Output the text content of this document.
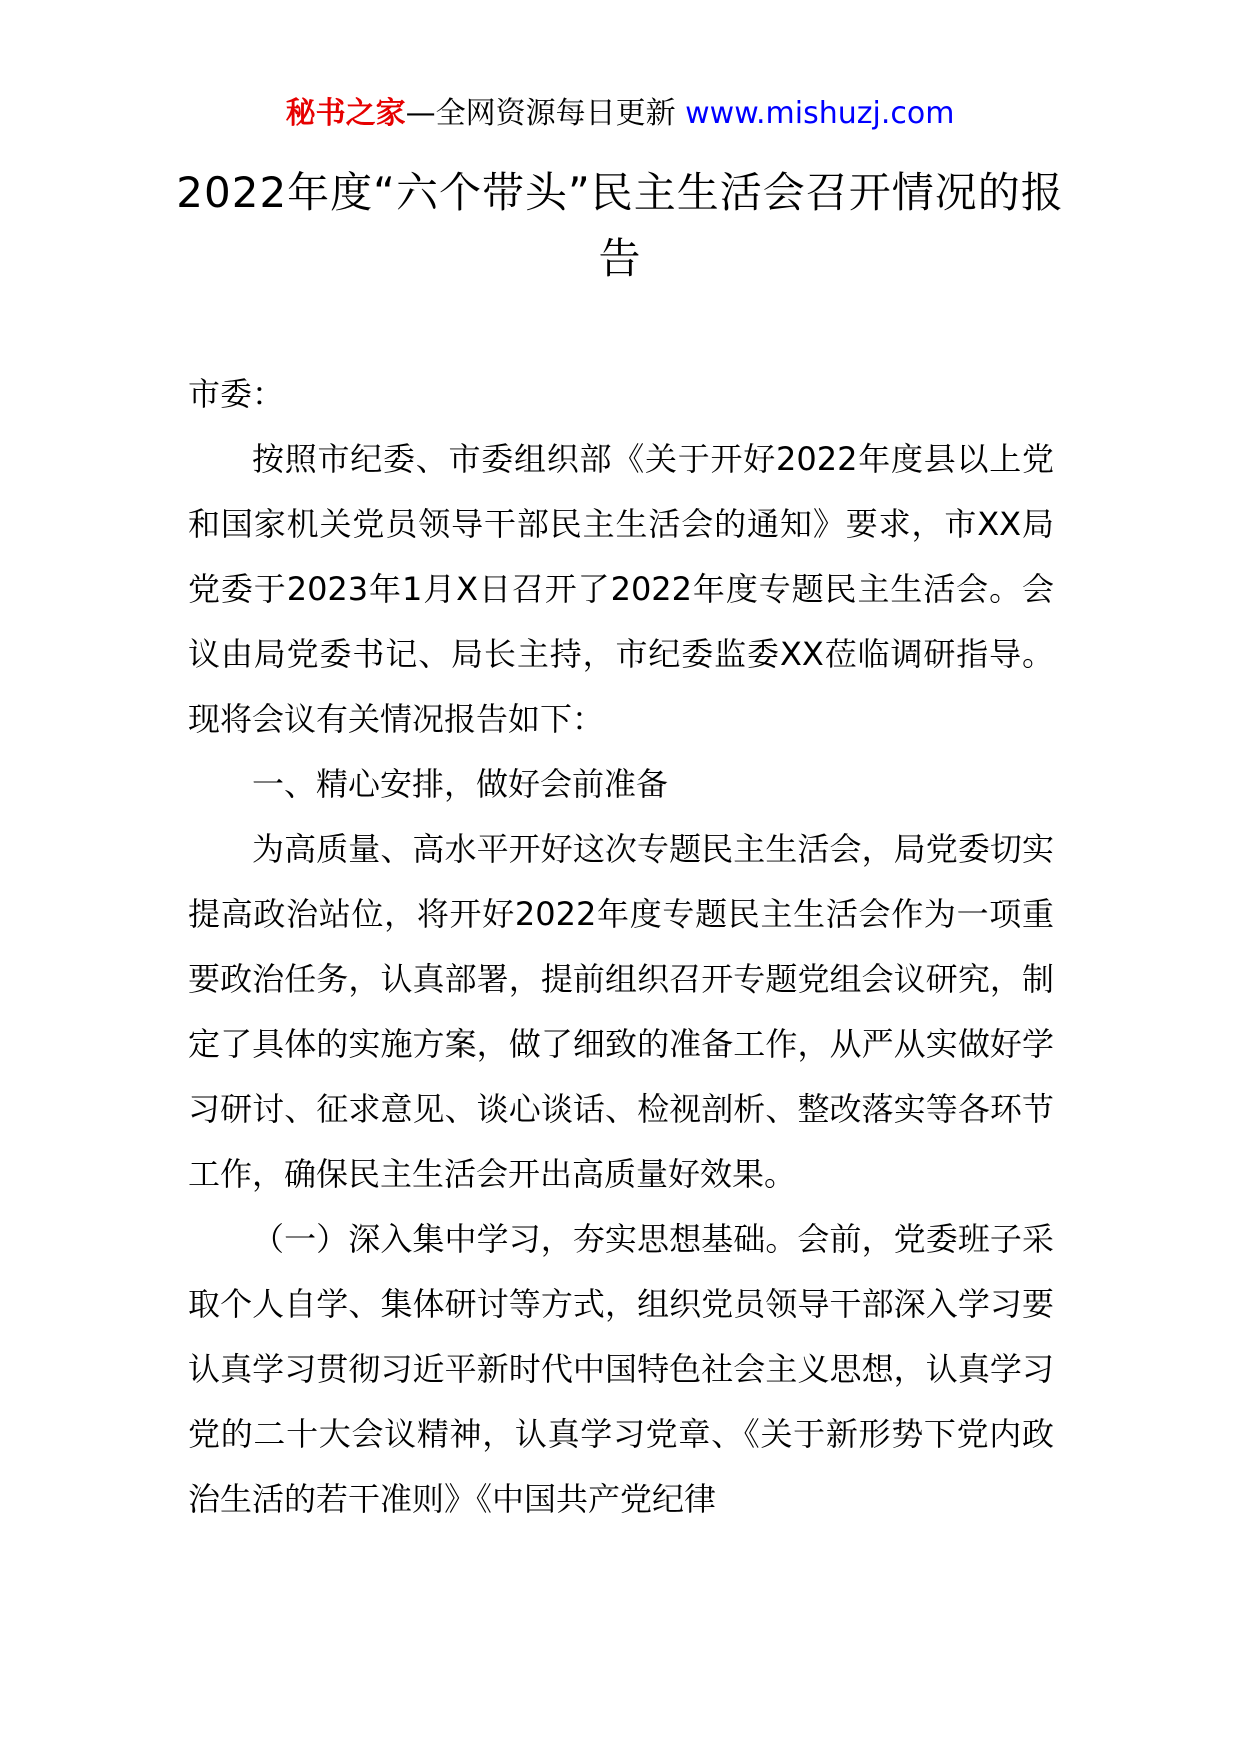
秘书之家—全网资源每日更新 www.mishuzj.com
2022年度“六个带头”民主生活会召开情况的报告

市委：

按照市纪委、市委组织部《关于开好2022年度县以上党和国家机关党员领导干部民主生活会的通知》要求，市XX局党委于2023年1月X日召开了2022年度专题民主生活会。会议由局党委书记、局长主持，市纪委监委XX莅临调研指导。现将会议有关情况报告如下：

一、精心安排，做好会前准备

为高质量、高水平开好这次专题民主生活会，局党委切实提高政治站位，将开好2022年度专题民主生活会作为一项重要政治任务，认真部署，提前组织召开专题党组会议研究，制定了具体的实施方案，做了细致的准备工作，从严从实做好学习研讨、征求意见、谈心谈话、检视剖析、整改落实等各环节工作，确保民主生活会开出高质量好效果。

（一）深入集中学习，夯实思想基础。会前，党委班子采取个人自学、集体研讨等方式，组织党员领导干部深入学习要认真学习贯彻习近平新时代中国特色社会主义思想，认真学习党的二十大会议精神，认真学习党章、《关于新形势下党内政治生活的若干准则》《中国共产党纪律
